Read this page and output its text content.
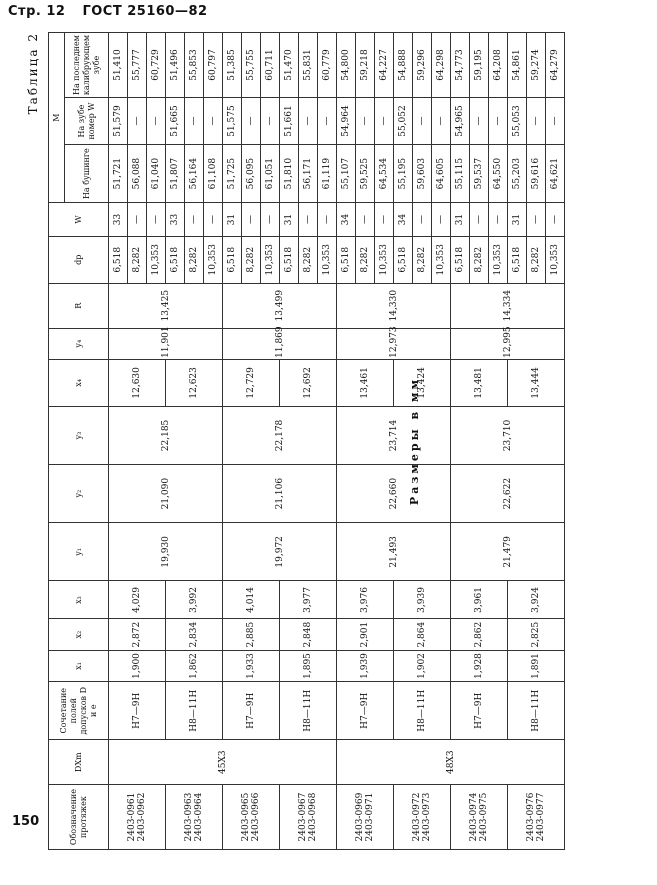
Стр. 12 ГОСТ 25160—82
150
Таблица 2
Размеры в мм
Обозначение протяжек	DXm	Сочетание полей допусков D и e	x₁	x₂	x₃	y₁	y₂	y₃	x₄	y₄	R	dp	W	M		
														На бушинге	На зубе номер W	На последнем калибрующем зубе
2403-0961
2403-0962	45Х3	H7—9H	1,900	2,872	4,029	19,930	21,090	22,185	12,630	11,901	13,425	6,518	33	51,721	51,579	51,410
												8,282	—	56,088	—	55,777
												10,353	—	61,040	—	60,729
2403-0963
2403-0964		H8—11H	1,862	2,834	3,992				12,623			6,518	33	51,807	51,665	51,496
												8,282	—	56,164	—	55,853
												10,353	—	61,108	—	60,797
2403-0965
2403-0966		H7—9H	1,933	2,885	4,014	19,972	21,106	22,178	12,729	11,869	13,499	6,518	31	51,725	51,575	51,385
												8,282	—	56,095	—	55,755
												10,353	—	61,051	—	60,711
2403-0967
2403-0968		H8—11H	1,895	2,848	3,977				12,692			6,518	31	51,810	51,661	51,470
												8,282	—	56,171	—	55,831
												10,353	—	61,119	—	60,779
2403-0969
2403-0971	48Х3	H7—9H	1,939	2,901	3,976	21,493	22,660	23,714	13,461	12,973	14,330	6,518	34	55,107	54,964	54,800
												8,282	—	59,525	—	59,218
												10,353	—	64,534	—	64,227
2403-0972
2403-0973		H8—11H	1,902	2,864	3,939				13,424			6,518	34	55,195	55,052	54,888
												8,282	—	59,603	—	59,296
												10,353	—	64,605	—	64,298
2403-0974
2403-0975		H7—9H	1,928	2,862	3,961	21,479	22,622	23,710	13,481	12,995	14,334	6,518	31	55,115	54,965	54,773
												8,282	—	59,537	—	59,195
												10,353	—	64,550	—	64,208
2403-0976
2403-0977		H8—11H	1,891	2,825	3,924				13,444			6,518	31	55,203	55,053	54,861
												8,282	—	59,616	—	59,274
												10,353	—	64,621	—	64,279
